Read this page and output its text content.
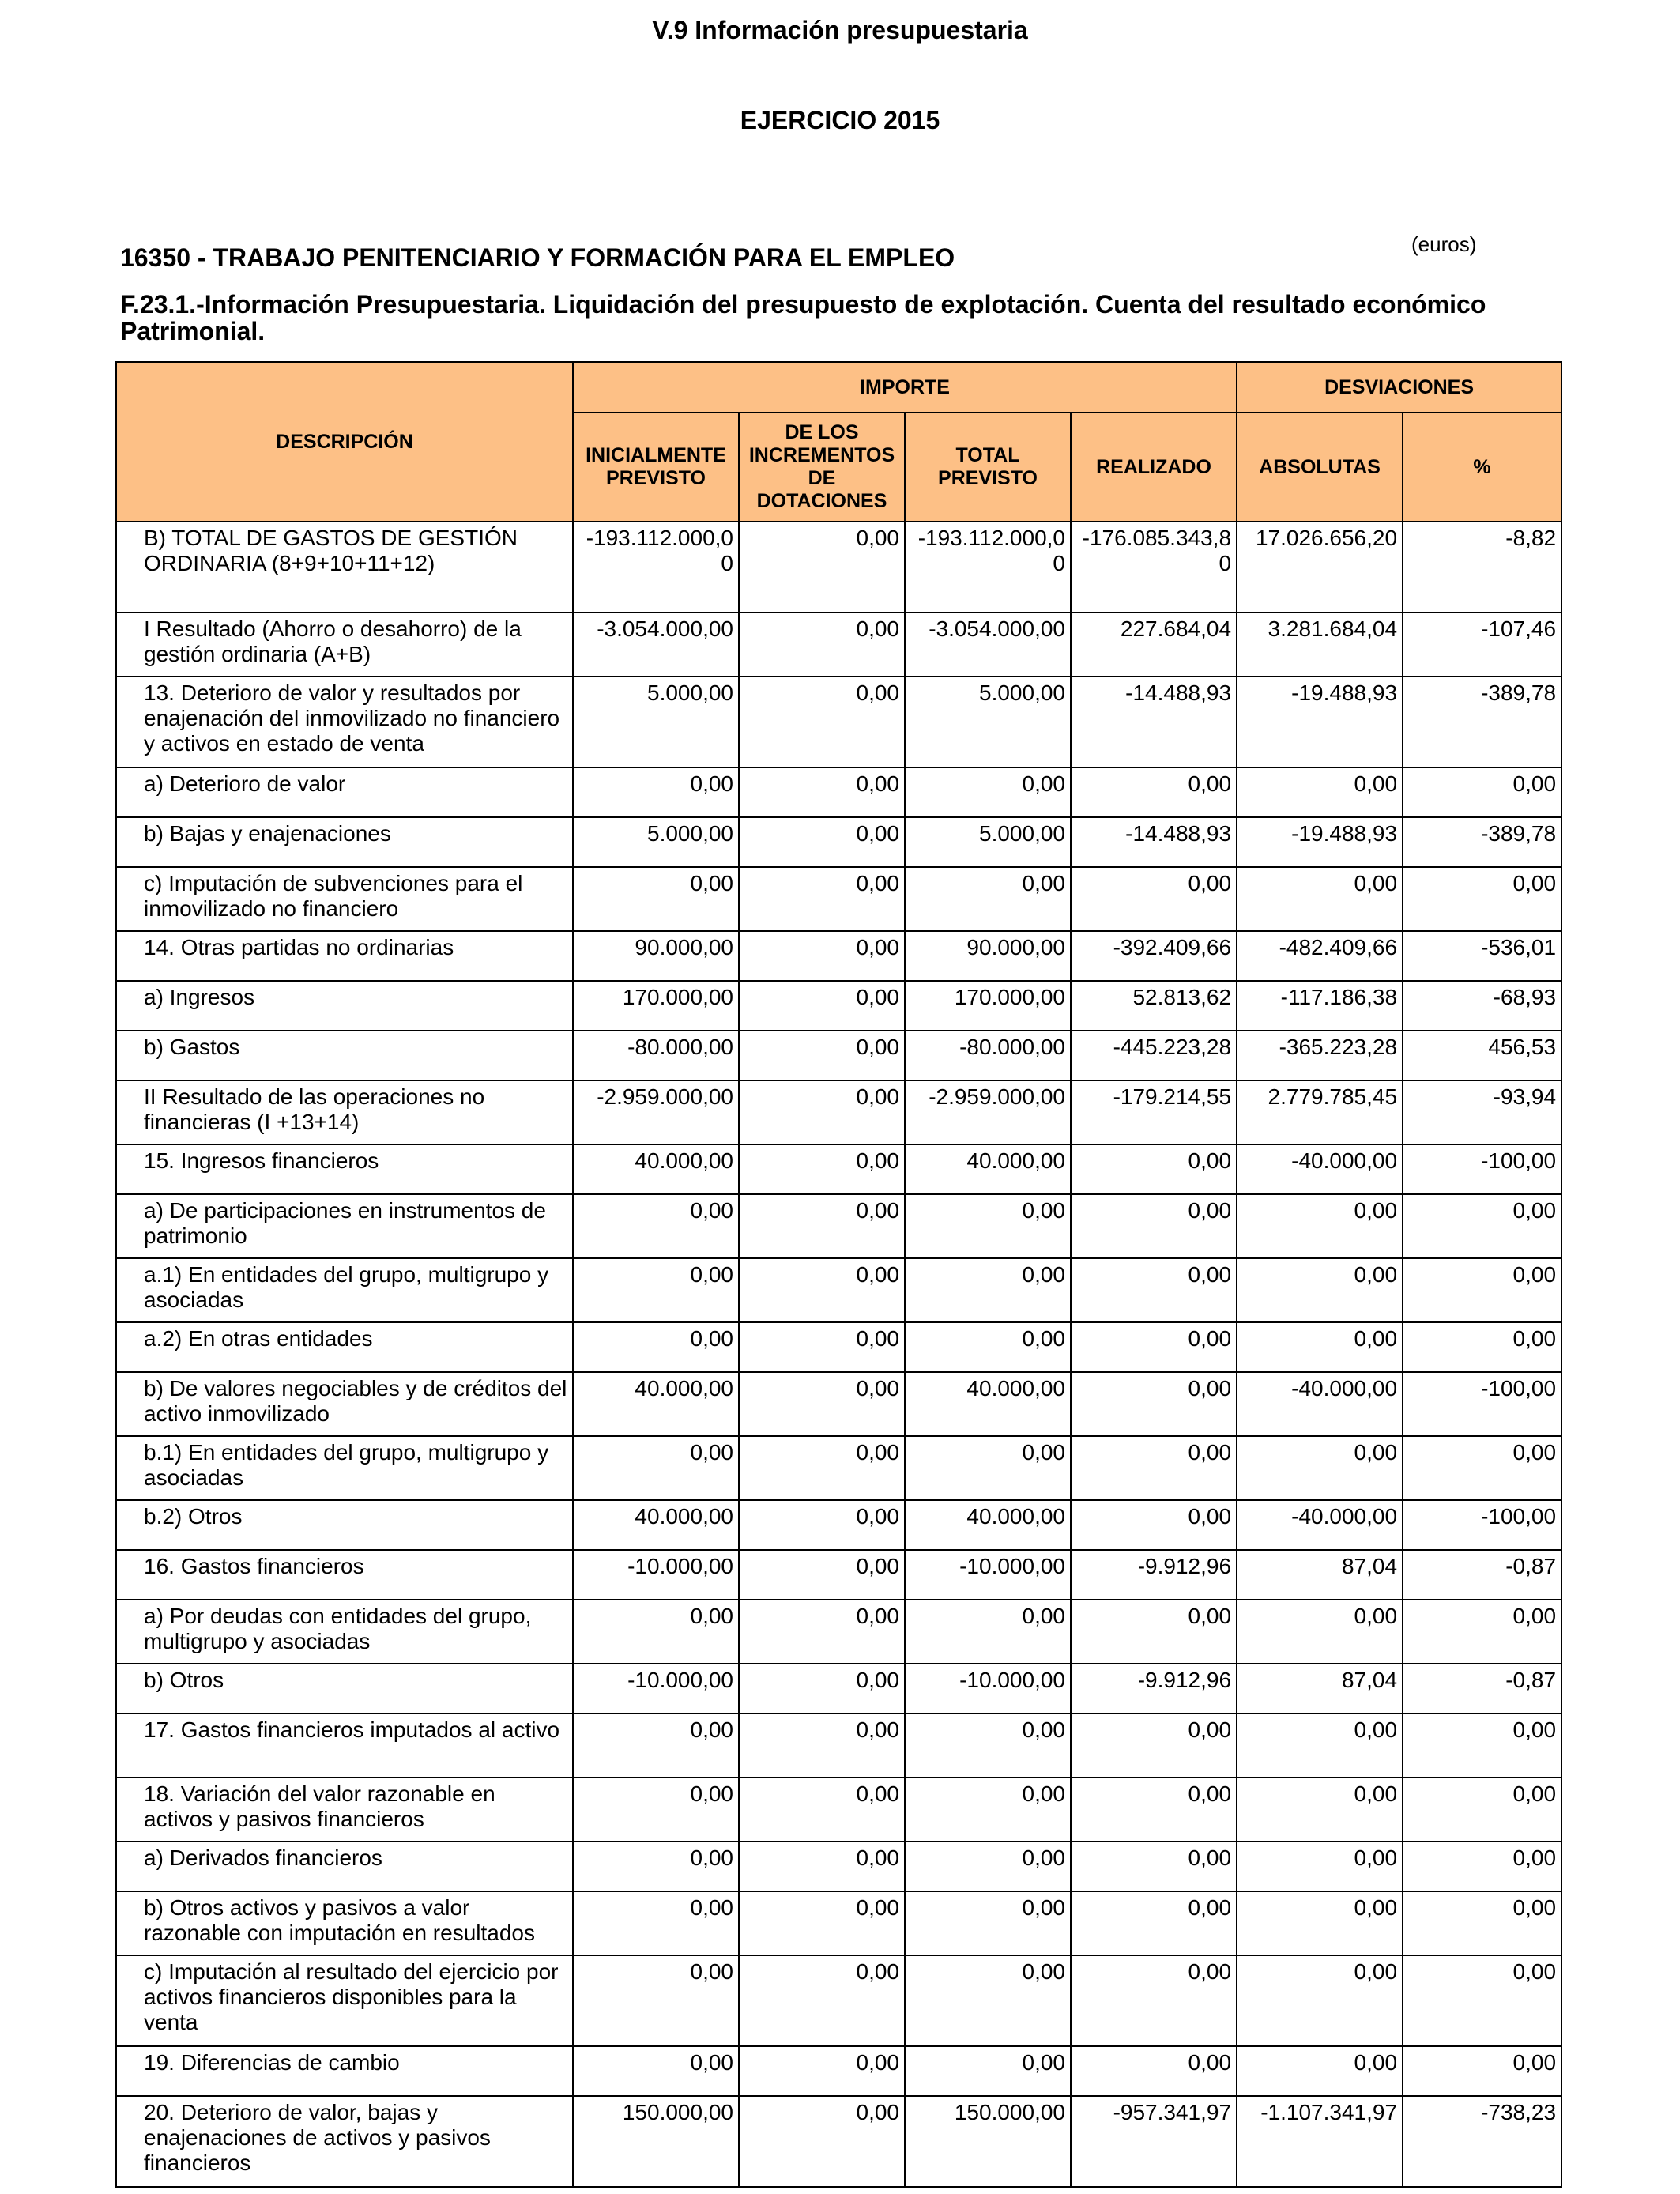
V.9 Información presupuestaria
EJERCICIO 2015
(euros)
16350 - TRABAJO PENITENCIARIO Y FORMACIÓN PARA EL EMPLEO
F.23.1.-Información Presupuestaria. Liquidación del presupuesto de explotación. Cuenta del resultado económico Patrimonial.
DESCRIPCIÓN	IMPORTE				DESVIACIONES	
	INICIALMENTE PREVISTO	DE LOS INCREMENTOS DE DOTACIONES	TOTAL PREVISTO	REALIZADO	ABSOLUTAS	%

B) TOTAL DE GASTOS DE GESTIÓN ORDINARIA (8+9+10+11+12)	-193.112.000,00	0,00	-193.112.000,00	-176.085.343,80	17.026.656,20	-8,82

I Resultado (Ahorro o desahorro) de la gestión ordinaria (A+B)	-3.054.000,00	0,00	-3.054.000,00	227.684,04	3.281.684,04	-107,46

13. Deterioro de valor y resultados por enajenación del inmovilizado no financiero y activos en estado de venta	5.000,00	0,00	5.000,00	-14.488,93	-19.488,93	-389,78

a) Deterioro de valor	0,00	0,00	0,00	0,00	0,00	0,00

b) Bajas y enajenaciones	5.000,00	0,00	5.000,00	-14.488,93	-19.488,93	-389,78

c) Imputación de subvenciones para el inmovilizado no financiero	0,00	0,00	0,00	0,00	0,00	0,00

14. Otras partidas no ordinarias	90.000,00	0,00	90.000,00	-392.409,66	-482.409,66	-536,01

a) Ingresos	170.000,00	0,00	170.000,00	52.813,62	-117.186,38	-68,93

b) Gastos	-80.000,00	0,00	-80.000,00	-445.223,28	-365.223,28	456,53

II Resultado de las operaciones no financieras (I +13+14)	-2.959.000,00	0,00	-2.959.000,00	-179.214,55	2.779.785,45	-93,94

15. Ingresos financieros	40.000,00	0,00	40.000,00	0,00	-40.000,00	-100,00

a) De participaciones en instrumentos de patrimonio	0,00	0,00	0,00	0,00	0,00	0,00

a.1) En entidades del grupo, multigrupo y asociadas	0,00	0,00	0,00	0,00	0,00	0,00

a.2) En otras entidades	0,00	0,00	0,00	0,00	0,00	0,00

b) De valores negociables y de créditos del activo inmovilizado	40.000,00	0,00	40.000,00	0,00	-40.000,00	-100,00

b.1) En entidades del grupo, multigrupo y asociadas	0,00	0,00	0,00	0,00	0,00	0,00

b.2) Otros	40.000,00	0,00	40.000,00	0,00	-40.000,00	-100,00

16. Gastos financieros	-10.000,00	0,00	-10.000,00	-9.912,96	87,04	-0,87

a) Por deudas con entidades del grupo, multigrupo y asociadas	0,00	0,00	0,00	0,00	0,00	0,00

b) Otros	-10.000,00	0,00	-10.000,00	-9.912,96	87,04	-0,87

17. Gastos financieros imputados al activo	0,00	0,00	0,00	0,00	0,00	0,00

18. Variación del valor razonable en activos y pasivos financieros	0,00	0,00	0,00	0,00	0,00	0,00

a) Derivados financieros	0,00	0,00	0,00	0,00	0,00	0,00

b) Otros activos y pasivos a valor razonable con imputación en resultados	0,00	0,00	0,00	0,00	0,00	0,00

c) Imputación al resultado del ejercicio por activos financieros disponibles para la venta	0,00	0,00	0,00	0,00	0,00	0,00

19. Diferencias de cambio	0,00	0,00	0,00	0,00	0,00	0,00

20. Deterioro de valor, bajas y enajenaciones de activos y pasivos financieros	150.000,00	0,00	150.000,00	-957.341,97	-1.107.341,97	-738,23
